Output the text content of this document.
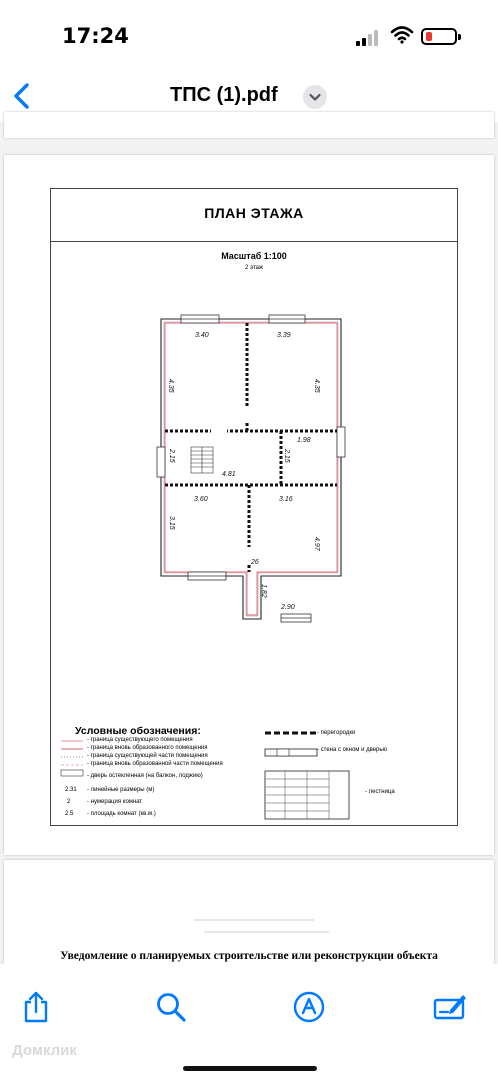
17:24
ТПС (1).pdf
ПЛАН ЭТАЖА
Масштаб 1:100
2 этаж
3.40	3.39
4.35	4.35
1.98
2.15
4.81
2.15
3.60	3.16
3.15
4.97
26
1.82
2.90
Условные обозначения:
- граница существующего помещения
- граница вновь образованного помещения
- граница существующей части помещения
- граница вновь образованной части помещения
- дверь остекленная (на балкон, лоджию)
2.31 - линейные размеры (м)
2	- нумерация комнат
2.5 - площадь комнат (кв.м.)
- перегородки
- стена с окном и дверью
- лестница
Уведомление о планируемых строительстве или реконструкции объекта
Домклик
